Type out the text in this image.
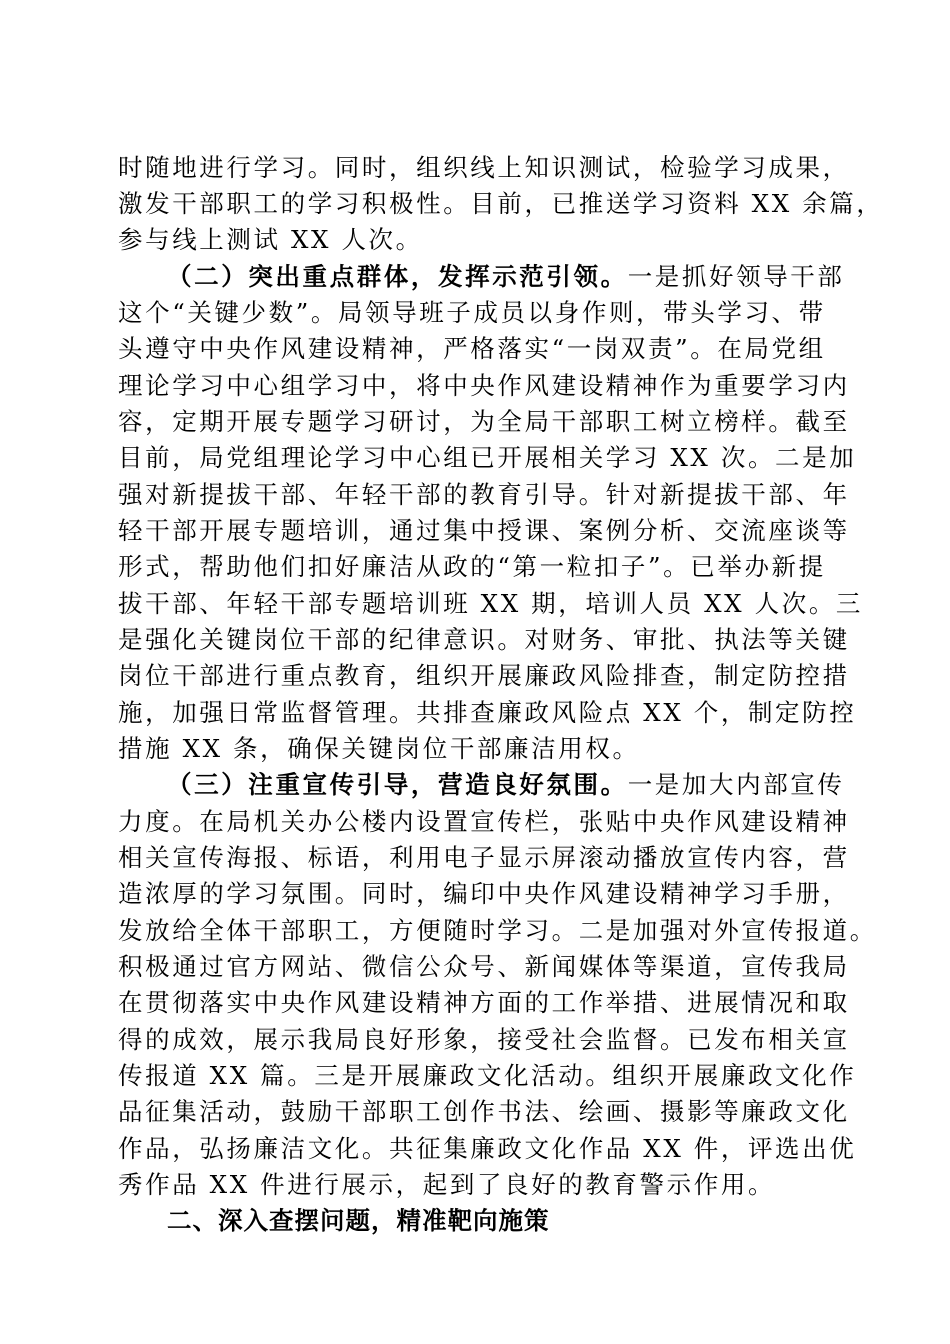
时随地进行学习。同时，组织线上知识测试，检验学习成果，
激发干部职工的学习积极性。目前，已推送学习资料 XX 余篇，
参与线上测试 XX 人次。
（二）突出重点群体，发挥示范引领。一是抓好领导干部
这个“关键少数”。局领导班子成员以身作则，带头学习、带
头遵守中央作风建设精神，严格落实“一岗双责”。在局党组
理论学习中心组学习中，将中央作风建设精神作为重要学习内
容，定期开展专题学习研讨，为全局干部职工树立榜样。截至
目前，局党组理论学习中心组已开展相关学习 XX 次。二是加
强对新提拔干部、年轻干部的教育引导。针对新提拔干部、年
轻干部开展专题培训，通过集中授课、案例分析、交流座谈等
形式，帮助他们扣好廉洁从政的“第一粒扣子”。已举办新提
拔干部、年轻干部专题培训班 XX 期，培训人员 XX 人次。三
是强化关键岗位干部的纪律意识。对财务、审批、执法等关键
岗位干部进行重点教育，组织开展廉政风险排查，制定防控措
施，加强日常监督管理。共排查廉政风险点 XX 个，制定防控
措施 XX 条，确保关键岗位干部廉洁用权。
（三）注重宣传引导，营造良好氛围。一是加大内部宣传
力度。在局机关办公楼内设置宣传栏，张贴中央作风建设精神
相关宣传海报、标语，利用电子显示屏滚动播放宣传内容，营
造浓厚的学习氛围。同时，编印中央作风建设精神学习手册，
发放给全体干部职工，方便随时学习。二是加强对外宣传报道。
积极通过官方网站、微信公众号、新闻媒体等渠道，宣传我局
在贯彻落实中央作风建设精神方面的工作举措、进展情况和取
得的成效，展示我局良好形象，接受社会监督。已发布相关宣
传报道 XX 篇。三是开展廉政文化活动。组织开展廉政文化作
品征集活动，鼓励干部职工创作书法、绘画、摄影等廉政文化
作品，弘扬廉洁文化。共征集廉政文化作品 XX 件，评选出优
秀作品 XX 件进行展示，起到了良好的教育警示作用。
二、深入查摆问题，精准靶向施策
